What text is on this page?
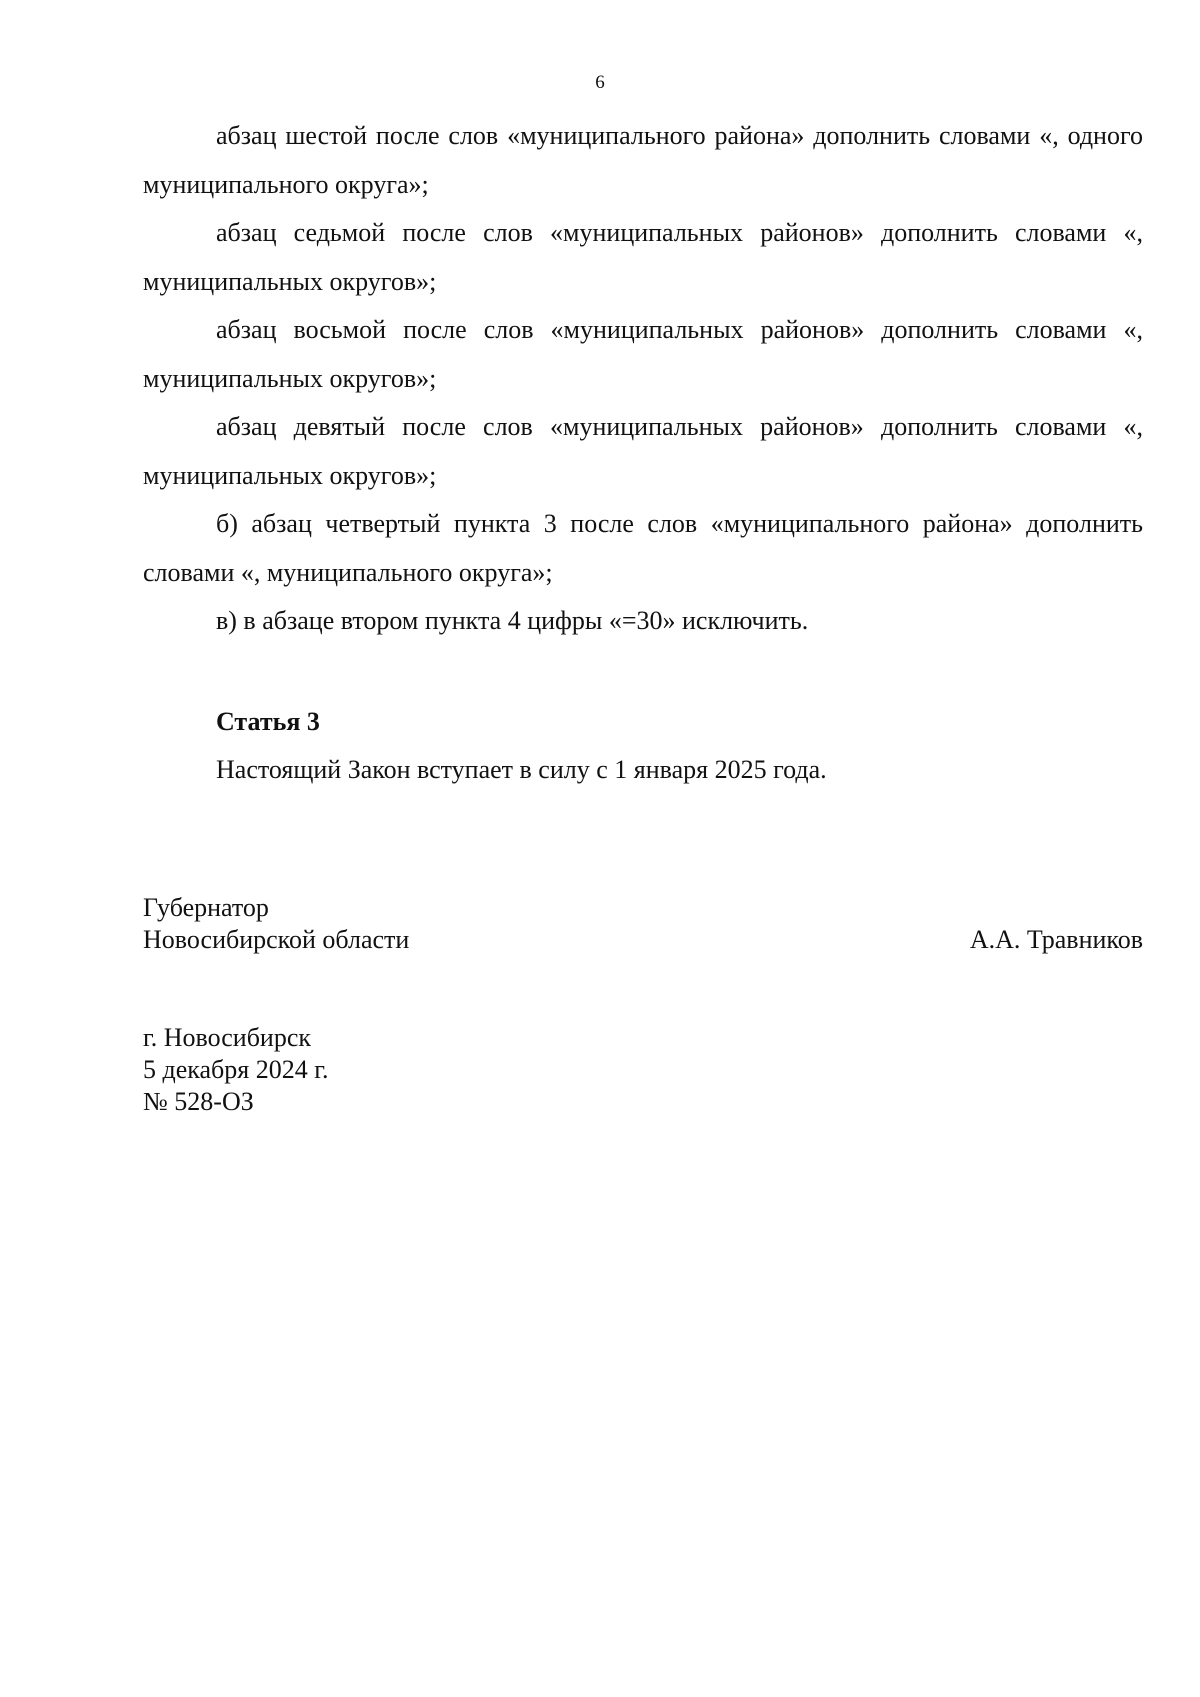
6

абзац шестой после слов «муниципального района» дополнить словами «, одного муниципального округа»;

абзац седьмой после слов «муниципальных районов» дополнить словами «, муниципальных округов»;

абзац восьмой после слов «муниципальных районов» дополнить словами «, муниципальных округов»;

абзац девятый после слов «муниципальных районов» дополнить словами «, муниципальных округов»;

б) абзац четвертый пункта 3 после слов «муниципального района» дополнить словами «, муниципального округа»;

в) в абзаце втором пункта 4 цифры «=30» исключить.

Статья 3

Настоящий Закон вступает в силу с 1 января 2025 года.

Губернатор
Новосибирской области	А.А. Травников
г. Новосибирск
5 декабря 2024 г.
№ 528-ОЗ
